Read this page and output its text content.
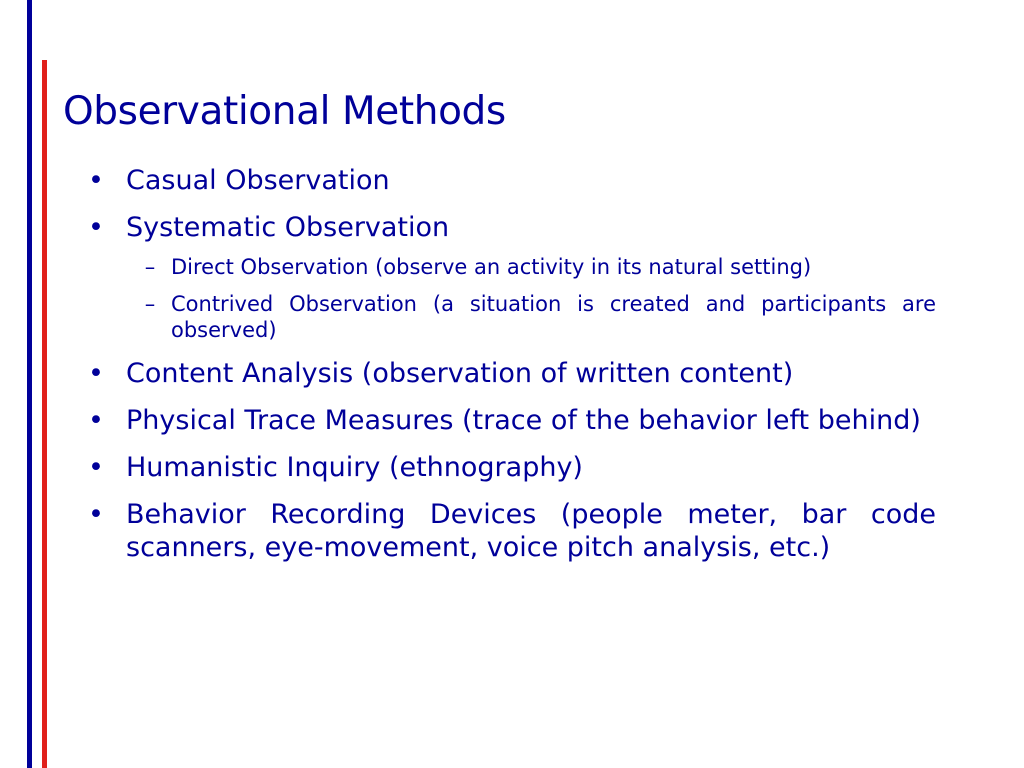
Observational Methods
• Casual Observation
• Systematic Observation
– Direct Observation (observe an activity in its natural setting)
– Contrived Observation (a situation is created and participants are observed)
• Content Analysis (observation of written content)
• Physical Trace Measures (trace of the behavior left behind)
• Humanistic Inquiry (ethnography)
• Behavior Recording Devices (people meter, bar code scanners, eye-movement, voice pitch analysis, etc.)
